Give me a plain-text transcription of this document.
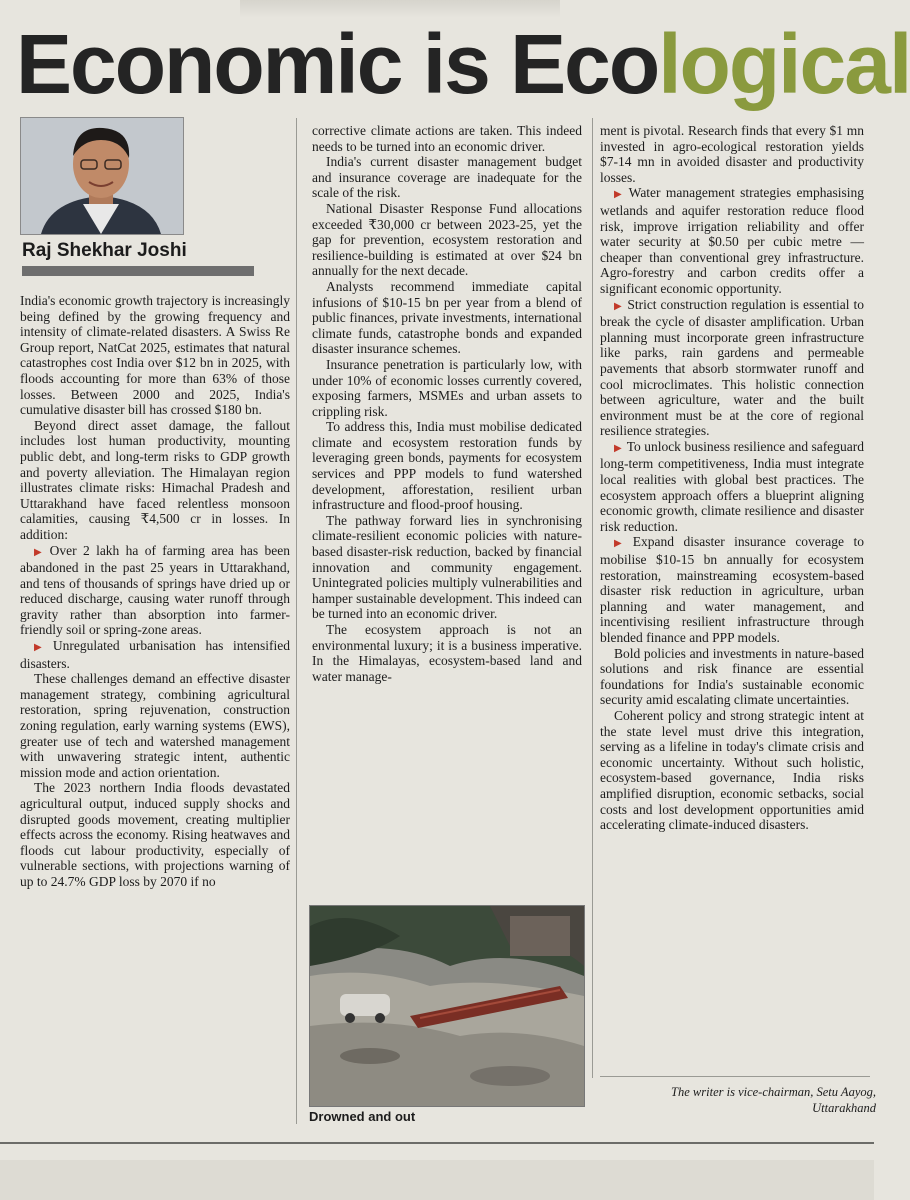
Economic is Ecological
Raj Shekhar Joshi

India's economic growth trajectory is increasingly being defined by the growing frequency and intensity of climate-related disasters. A Swiss Re Group report, NatCat 2025, estimates that natural catastrophes cost India over $12 bn in 2025, with floods accounting for more than 63% of those losses. Between 2000 and 2025, India's cumulative disaster bill has crossed $180 bn.

Beyond direct asset damage, the fallout includes lost human productivity, mounting public debt, and long-term risks to GDP growth and poverty alleviation. The Himalayan region illustrates climate risks: Himachal Pradesh and Uttarakhand have faced relentless monsoon calamities, causing ₹4,500 cr in losses. In addition:

▶ Over 2 lakh ha of farming area has been abandoned in the past 25 years in Uttarakhand, and tens of thousands of springs have dried up or reduced discharge, causing water runoff through gravity rather than absorption into farmer-friendly soil or spring-zone areas.

▶ Unregulated urbanisation has intensified disasters.

These challenges demand an effective disaster management strategy, combining agricultural restoration, spring rejuvenation, construction zoning regulation, early warning systems (EWS), greater use of tech and watershed management with unwavering strategic intent, authentic mission mode and action orientation.

The 2023 northern India floods devastated agricultural output, induced supply shocks and disrupted goods movement, creating multiplier effects across the economy. Rising heatwaves and floods cut labour productivity, especially of vulnerable sections, with projections warning of up to 24.7% GDP loss by 2070 if no

corrective climate actions are taken. This indeed needs to be turned into an economic driver.

India's current disaster management budget and insurance coverage are inadequate for the scale of the risk.

National Disaster Response Fund allocations exceeded ₹30,000 cr between 2023-25, yet the gap for prevention, ecosystem restoration and resilience-building is estimated at over $24 bn annually for the next decade.

Analysts recommend immediate capital infusions of $10-15 bn per year from a blend of public finances, private investments, international climate funds, catastrophe bonds and expanded disaster insurance schemes.

Insurance penetration is particularly low, with under 10% of economic losses currently covered, exposing farmers, MSMEs and urban assets to crippling risk.

To address this, India must mobilise dedicated climate and ecosystem restoration funds by leveraging green bonds, payments for ecosystem services and PPP models to fund watershed development, afforestation, resilient urban infrastructure and flood-proof housing.

The pathway forward lies in synchronising climate-resilient economic policies with nature-based disaster-risk reduction, backed by financial innovation and community engagement. Unintegrated policies multiply vulnerabilities and hamper sustainable development. This indeed can be turned into an economic driver.

The ecosystem approach is not an environmental luxury; it is a business imperative. In the Himalayas, ecosystem-based land and water manage-

Drowned and out

ment is pivotal. Research finds that every $1 mn invested in agro-ecological restoration yields $7-14 mn in avoided disaster and productivity losses.

▶ Water management strategies emphasising wetlands and aquifer restoration reduce flood risk, improve irrigation reliability and offer water security at $0.50 per cubic metre — cheaper than conventional grey infrastructure. Agro-forestry and carbon credits offer a significant economic opportunity.

▶ Strict construction regulation is essential to break the cycle of disaster amplification. Urban planning must incorporate green infrastructure like parks, rain gardens and permeable pavements that absorb stormwater runoff and cool microclimates. This holistic connection between agriculture, water and the built environment must be at the core of regional resilience strategies.

▶ To unlock business resilience and safeguard long-term competitiveness, India must integrate local realities with global best practices. The ecosystem approach offers a blueprint aligning economic growth, climate resilience and disaster risk reduction.

▶ Expand disaster insurance coverage to mobilise $10-15 bn annually for ecosystem restoration, mainstreaming ecosystem-based disaster risk reduction in agriculture, urban planning and water management, and incentivising resilient infrastructure through blended finance and PPP models.

Bold policies and investments in nature-based solutions and risk finance are essential foundations for India's sustainable economic security amid escalating climate uncertainties.

Coherent policy and strong strategic intent at the state level must drive this integration, serving as a lifeline in today's climate crisis and economic uncertainty. Without such holistic, ecosystem-based governance, India risks amplified disruption, economic setbacks, social costs and lost development opportunities amid accelerating climate-induced disasters.

The writer is vice-chairman, Setu Aayog,
Uttarakhand
